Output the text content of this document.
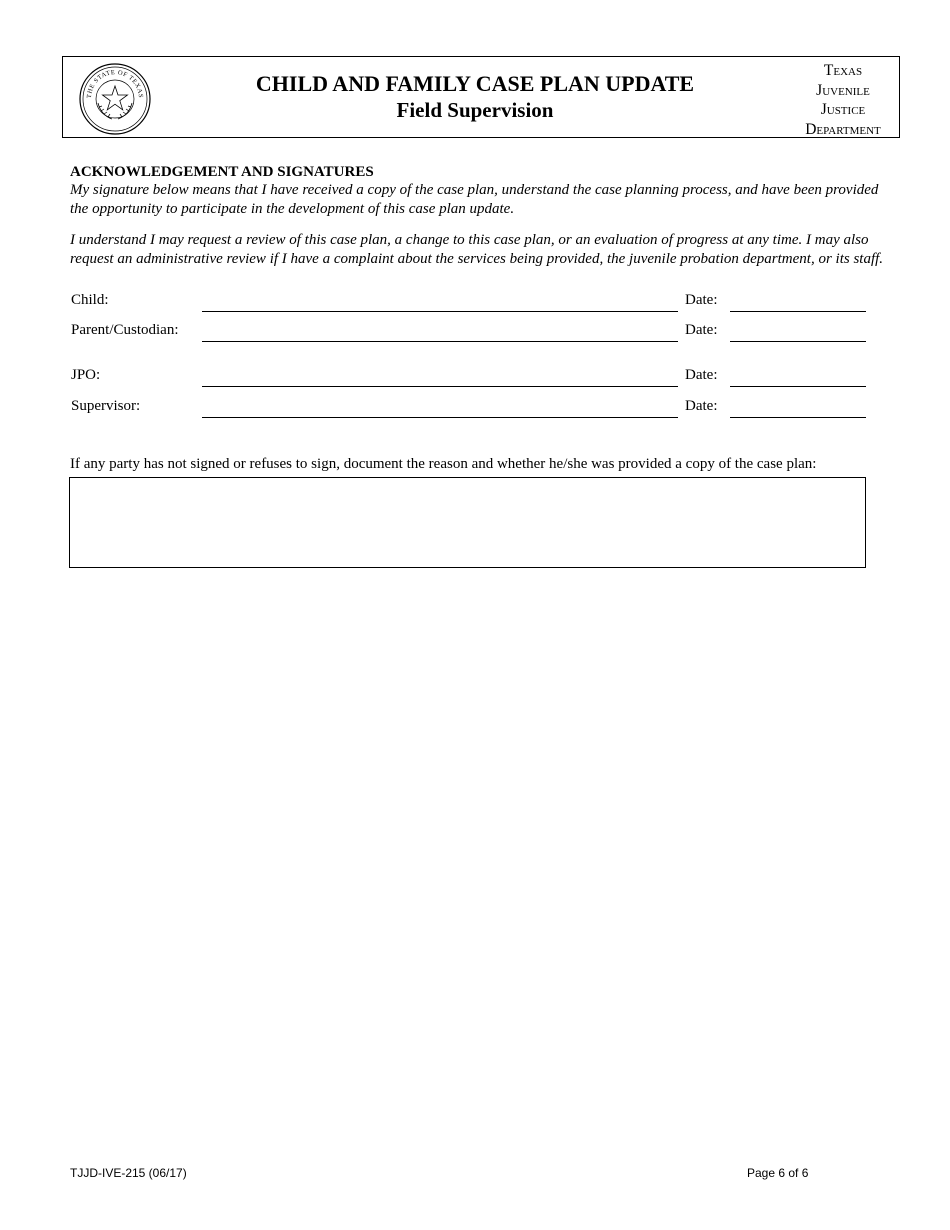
THE STATE OF TEXAS
CHILD AND FAMILY CASE PLAN UPDATE
Field Supervision
Texas
Juvenile
Justice
Department
ACKNOWLEDGEMENT AND SIGNATURES
My signature below means that I have received a copy of the case plan, understand the case planning process, and have been provided the opportunity to participate in the development of this case plan update.
I understand I may request a review of this case plan, a change to this case plan, or an evaluation of progress at any time. I may also request an administrative review if I have a complaint about the services being provided, the juvenile probation department, or its staff.
Child:	Date:
Parent/Custodian:	Date:
JPO:	Date:
Supervisor:	Date:
If any party has not signed or refuses to sign, document the reason and whether he/she was provided a copy of the case plan:
TJJD-IVE-215 (06/17)	Page 6 of 6
